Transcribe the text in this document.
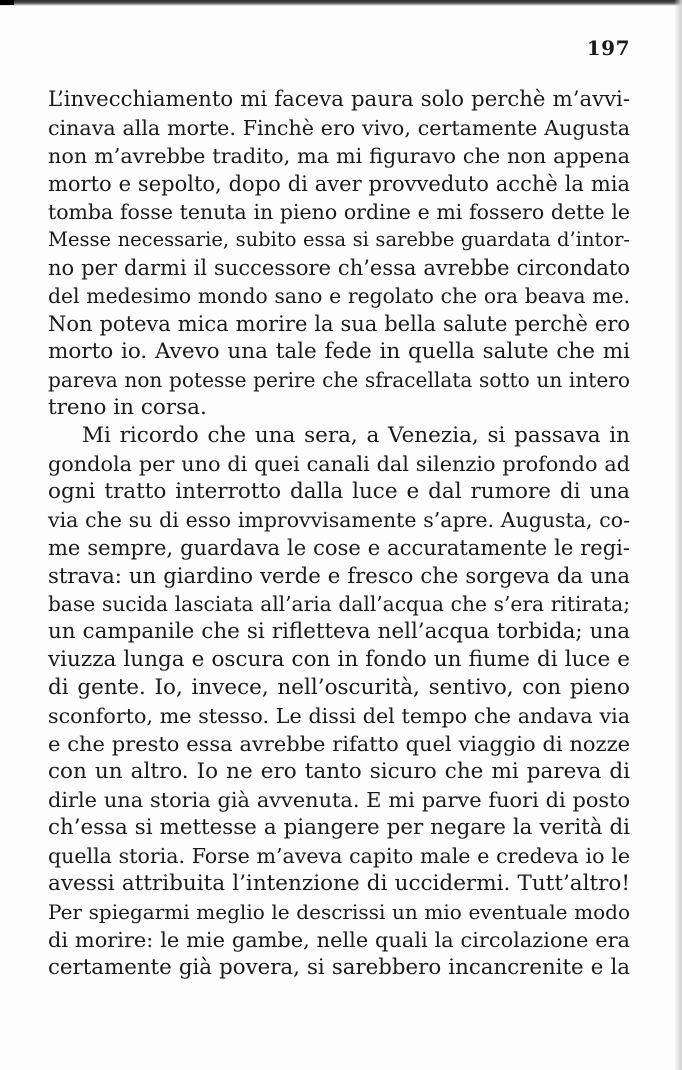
197
L’invecchiamento mi faceva paura solo perchè m’avvi-
cinava alla morte. Finchè ero vivo, certamente Augusta
non m’avrebbe tradito, ma mi figuravo che non appena
morto e sepolto, dopo di aver provveduto acchè la mia
tomba fosse tenuta in pieno ordine e mi fossero dette le
Messe necessarie, subito essa si sarebbe guardata d’intor-
no per darmi il successore ch’essa avrebbe circondato
del medesimo mondo sano e regolato che ora beava me.
Non poteva mica morire la sua bella salute perchè ero
morto io. Avevo una tale fede in quella salute che mi
pareva non potesse perire che sfracellata sotto un intero
treno in corsa.
Mi ricordo che una sera, a Venezia, si passava in
gondola per uno di quei canali dal silenzio profondo ad
ogni tratto interrotto dalla luce e dal rumore di una
via che su di esso improvvisamente s’apre. Augusta, co-
me sempre, guardava le cose e accuratamente le regi-
strava: un giardino verde e fresco che sorgeva da una
base sucida lasciata all’aria dall’acqua che s’era ritirata;
un campanile che si rifletteva nell’acqua torbida; una
viuzza lunga e oscura con in fondo un fiume di luce e
di gente. Io, invece, nell’oscurità, sentivo, con pieno
sconforto, me stesso. Le dissi del tempo che andava via
e che presto essa avrebbe rifatto quel viaggio di nozze
con un altro. Io ne ero tanto sicuro che mi pareva di
dirle una storia già avvenuta. E mi parve fuori di posto
ch’essa si mettesse a piangere per negare la verità di
quella storia. Forse m’aveva capito male e credeva io le
avessi attribuita l’intenzione di uccidermi. Tutt’altro!
Per spiegarmi meglio le descrissi un mio eventuale modo
di morire: le mie gambe, nelle quali la circolazione era
certamente già povera, si sarebbero incancrenite e la
